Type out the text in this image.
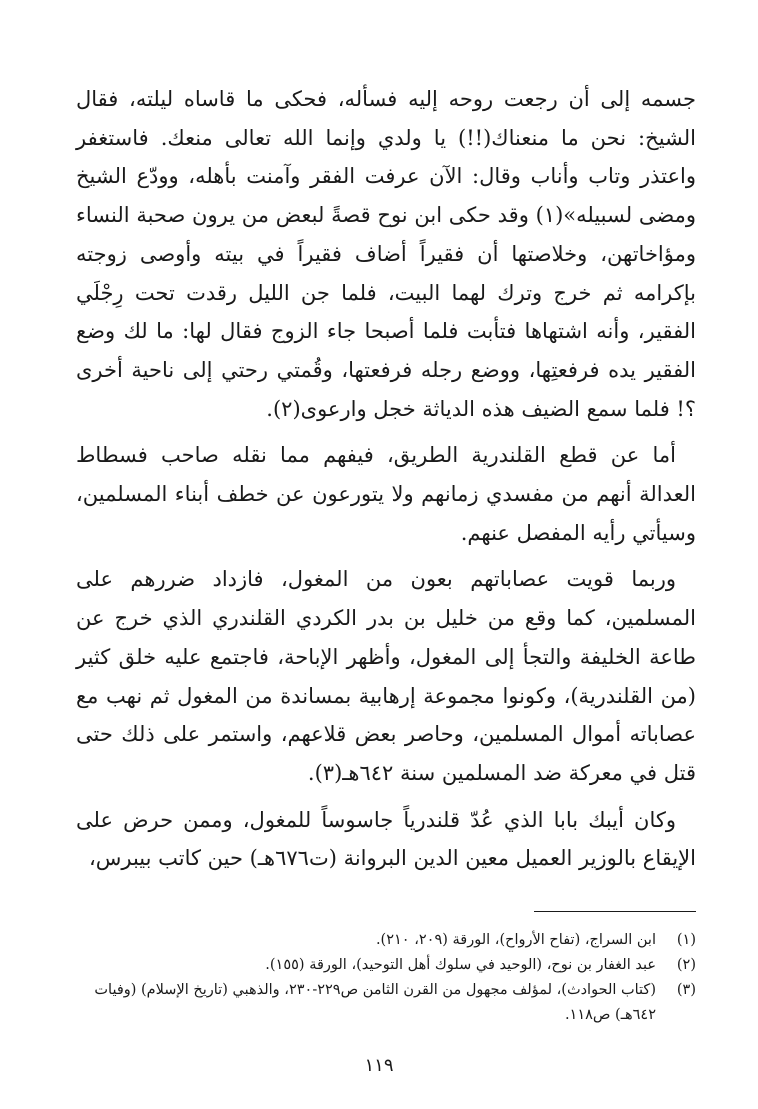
جسمه إلى أن رجعت روحه إليه فسأله، فحكى ما قاساه ليلته، فقال الشيخ: نحن ما منعناك(!!) يا ولدي وإنما الله تعالى منعك. فاستغفر واعتذر وتاب وأناب وقال: الآن عرفت الفقر وآمنت بأهله، وودّع الشيخ ومضى لسبيله»(١) وقد حكى ابن نوح قصةً لبعض من يرون صحبة النساء ومؤاخاتهن، وخلاصتها أن فقيراً أضاف فقيراً في بيته وأوصى زوجته بإكرامه ثم خرج وترك لهما البيت، فلما جن الليل رقدت تحت رِجْلَي الفقير، وأنه اشتهاها فتأبت فلما أصبحا جاء الزوج فقال لها: ما لك وضع الفقير يده فرفعتِها، ووضع رجله فرفعتها، وقُمتي رحتي إلى ناحية أخرى ؟! فلما سمع الضيف هذه الدياثة خجل وارعوى(٢).

أما عن قطع القلندرية الطريق، فيفهم مما نقله صاحب فسطاط العدالة أنهم من مفسدي زمانهم ولا يتورعون عن خطف أبناء المسلمين، وسيأتي رأيه المفصل عنهم.

وربما قويت عصاباتهم بعون من المغول، فازداد ضررهم على المسلمين، كما وقع من خليل بن بدر الكردي القلندري الذي خرج عن طاعة الخليفة والتجأ إلى المغول، وأظهر الإباحة، فاجتمع عليه خلق كثير (من القلندرية)، وكونوا مجموعة إرهابية بمساندة من المغول ثم نهب مع عصاباته أموال المسلمين، وحاصر بعض قلاعهم، واستمر على ذلك حتى قتل في معركة ضد المسلمين سنة ٦٤٢هـ(٣).

وكان أيبك بابا الذي عُدّ قلندرياً جاسوساً للمغول، وممن حرض على الإيقاع بالوزير العميل معين الدين البروانة (ت٦٧٦هـ) حين كاتب بيبرس،

(١)
ابن السراج، (تفاح الأرواح)، الورقة (٢٠٩، ٢١٠).
(٢)
عبد الغفار بن نوح، (الوحيد في سلوك أهل التوحيد)، الورقة (١٥٥).
(٣)
(كتاب الحوادث)، لمؤلف مجهول من القرن الثامن ص٢٢٩-٢٣٠، والذهبي (تاريخ الإسلام) (وفيات ٦٤٢هـ) ص١١٨.
١١٩
